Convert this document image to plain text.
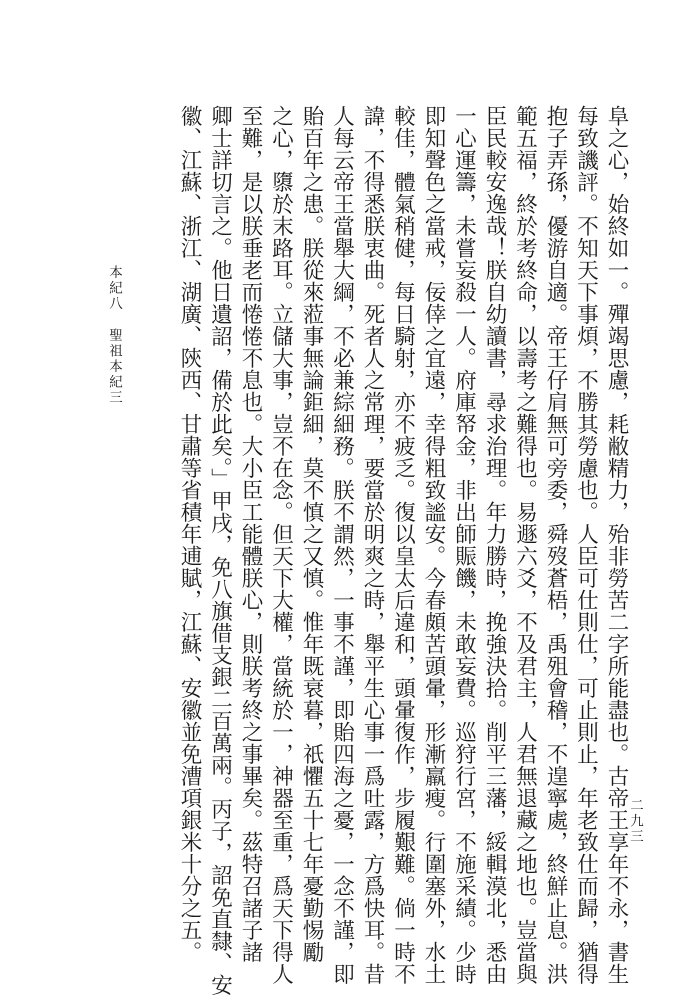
本紀八聖祖本紀三	阜之心，始終如一。殫竭思慮，耗敝精力，殆非勞苦二字所能盡也。古帝王享年不永，書生
每致譏評。不知天下事煩，不勝其勞慮也。人臣可仕則仕，可止則止，年老致仕而歸，猶得
抱子弄孫，優游自適。帝王仔肩無可旁委，舜歿蒼梧，禹殂會稽，不遑寧處，終鮮止息。洪
範五福，終於考終命，以壽考之難得也。易遯六爻，不及君主，人君無退藏之地也。豈當與
臣民較安逸哉！朕自幼讀書，尋求治理。年力勝時，挽強決拾。削平三藩，綏輯漠北，悉由
一心運籌，未嘗妄殺一人。府庫帑金，非出師賑饑，未敢妄費。巡狩行宮，不施采績。少時
即知聲色之當戒，佞倖之宜遠，幸得粗致謐安。今春頗苦頭暈，形漸羸瘦。行圍塞外，水土
較佳，體氣稍健，每日騎射，亦不疲乏。復以皇太后違和，頭暈復作，步履艱難。倘一時不
諱，不得悉朕衷曲。死者人之常理，要當於明爽之時，舉平生心事一爲吐露，方爲快耳。昔
人每云帝王當舉大綱，不必兼綜細務。朕不謂然，一事不謹，即貽四海之憂，一念不謹，即
貽百年之患。朕從來蒞事無論鉅細，莫不慎之又慎。惟年既衰暮，祇懼五十七年憂勤惕勵
之心，隳於末路耳。立儲大事，豈不在念。但天下大權，當統於一，神器至重，爲天下得人
至難，是以朕垂老而惓惓不息也。大小臣工能體朕心，則朕考終之事畢矣。茲特召諸子諸
卿士詳切言之。他日遺詔，備於此矣。」甲戌，免八旗借支銀二百萬兩。丙子，詔免直隸、安
徽、江蘇、浙江、湖廣、陝西、甘肅等省積年逋賦，江蘇、安徽並免漕項銀米十分之五。	二九三
